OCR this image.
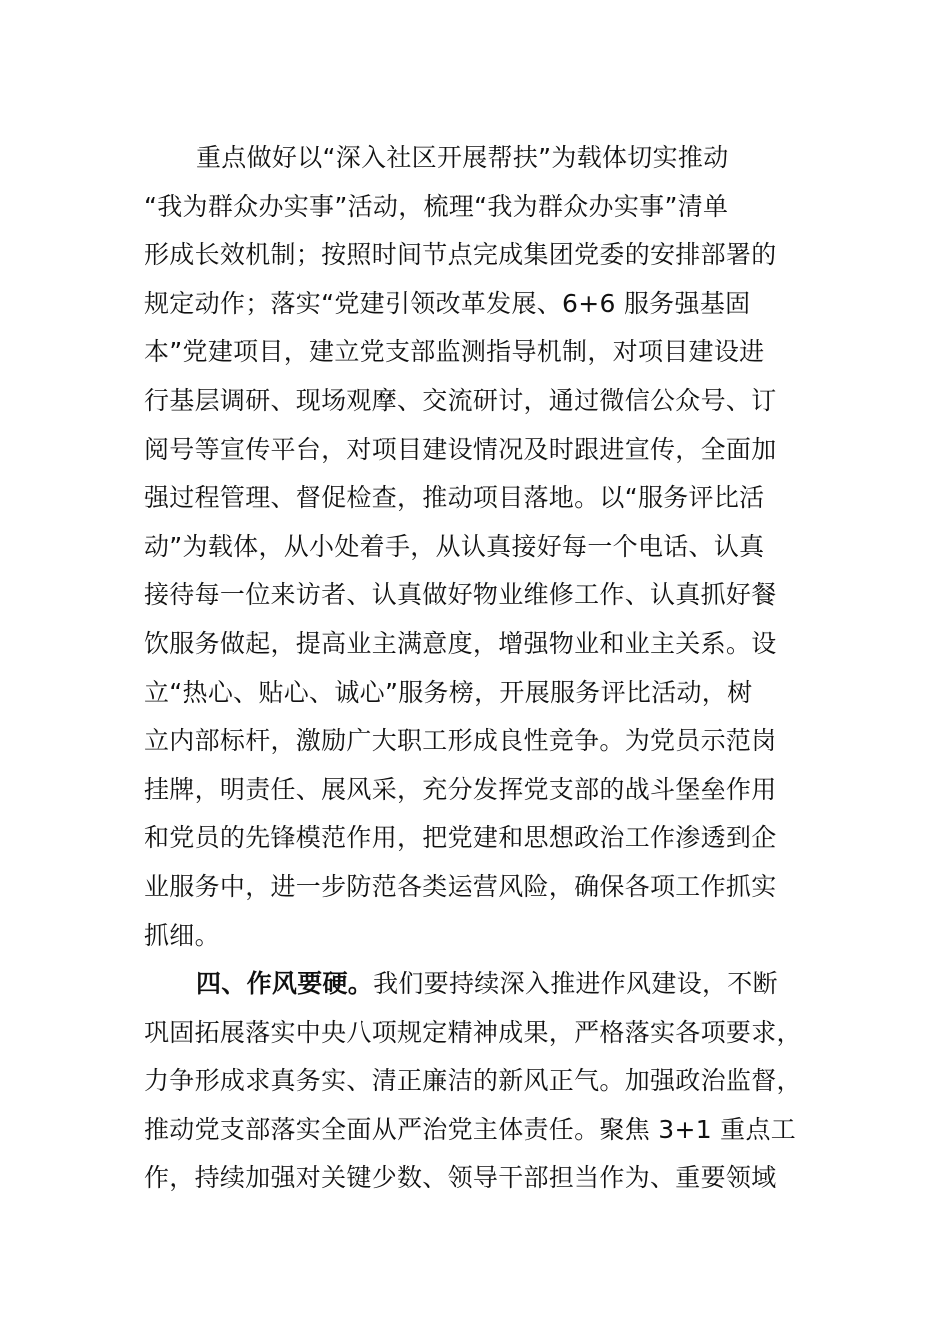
重点做好以“深入社区开展帮扶”为载体切实推动
“我为群众办实事”活动，梳理“我为群众办实事”清单
形成长效机制；按照时间节点完成集团党委的安排部署的
规定动作；落实“党建引领改革发展、6+6 服务强基固
本”党建项目，建立党支部监测指导机制，对项目建设进
行基层调研、现场观摩、交流研讨，通过微信公众号、订
阅号等宣传平台，对项目建设情况及时跟进宣传，全面加
强过程管理、督促检查，推动项目落地。以“服务评比活
动”为载体，从小处着手，从认真接好每一个电话、认真
接待每一位来访者、认真做好物业维修工作、认真抓好餐
饮服务做起，提高业主满意度，增强物业和业主关系。设
立“热心、贴心、诚心”服务榜，开展服务评比活动，树
立内部标杆，激励广大职工形成良性竞争。为党员示范岗
挂牌，明责任、展风采，充分发挥党支部的战斗堡垒作用
和党员的先锋模范作用，把党建和思想政治工作渗透到企
业服务中，进一步防范各类运营风险，确保各项工作抓实
抓细。
四、作风要硬。我们要持续深入推进作风建设，不断
巩固拓展落实中央八项规定精神成果，严格落实各项要求，
力争形成求真务实、清正廉洁的新风正气。加强政治监督，
推动党支部落实全面从严治党主体责任。聚焦 3+1 重点工
作，持续加强对关键少数、领导干部担当作为、重要领域
